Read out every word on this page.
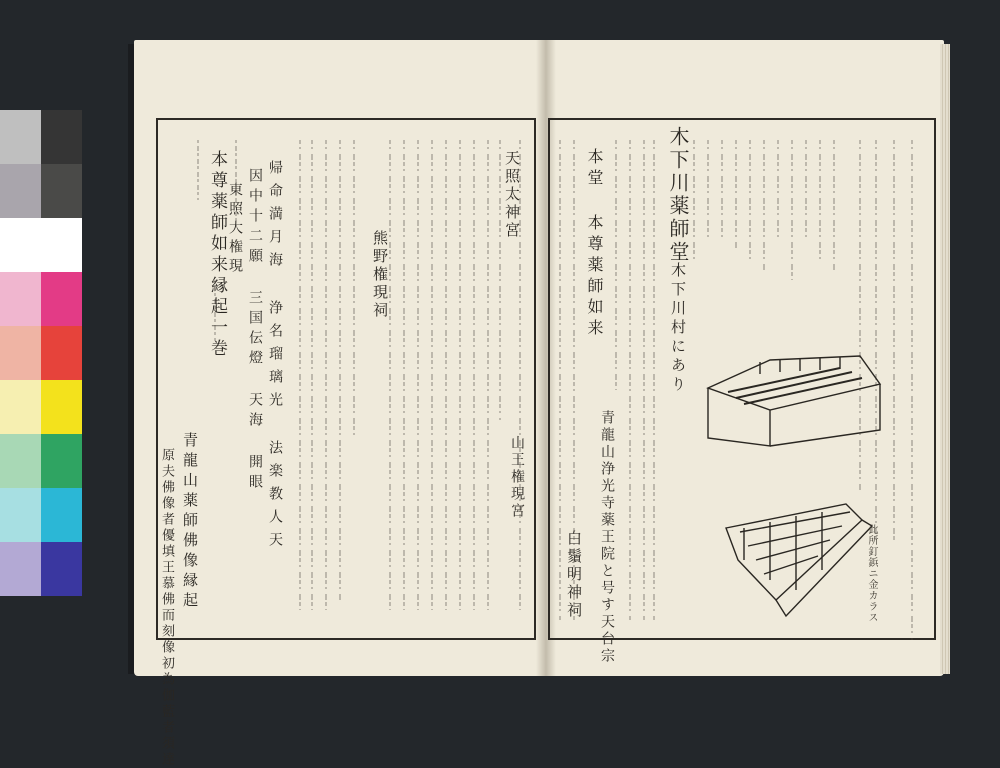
青龍山薬師佛像縁起
原夫佛像者優填王慕佛而刻像初為伽藍者須達
本尊薬師如来縁起一巻	帰命満月海 浄名瑠璃光 法楽教人天
因中十二願 三国伝燈 天海 開眼
東照大権現	熊野権現祠
天照太神宮
山王権現宮
木下川薬師堂
木下川村にあり
本堂 本尊薬師如来
青龍山浄光寺薬王院と号す天台宗
白鬚明神祠	此所釘鋲ニ金カラス
